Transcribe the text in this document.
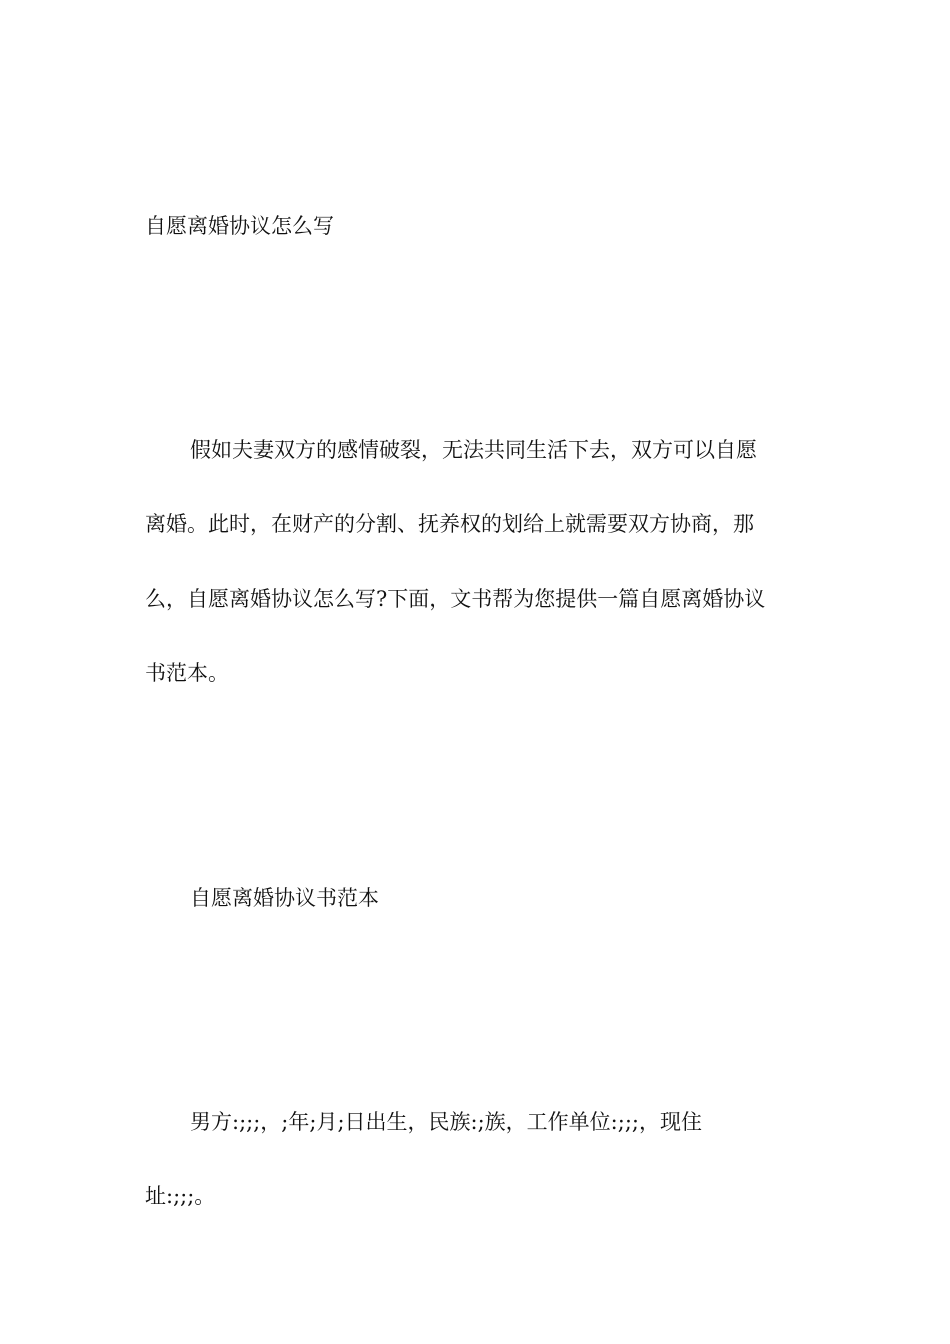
自愿离婚协议怎么写

假如夫妻双方的感情破裂，无法共同生活下去，双方可以自愿

离婚。此时，在财产的分割、抚养权的划给上就需要双方协商，那

么，自愿离婚协议怎么写?下面，文书帮为您提供一篇自愿离婚协议

书范本。

自愿离婚协议书范本

男方:;;;，;年;月;日出生，民族:;族，工作单位:;;;，现住

址:;;;。
